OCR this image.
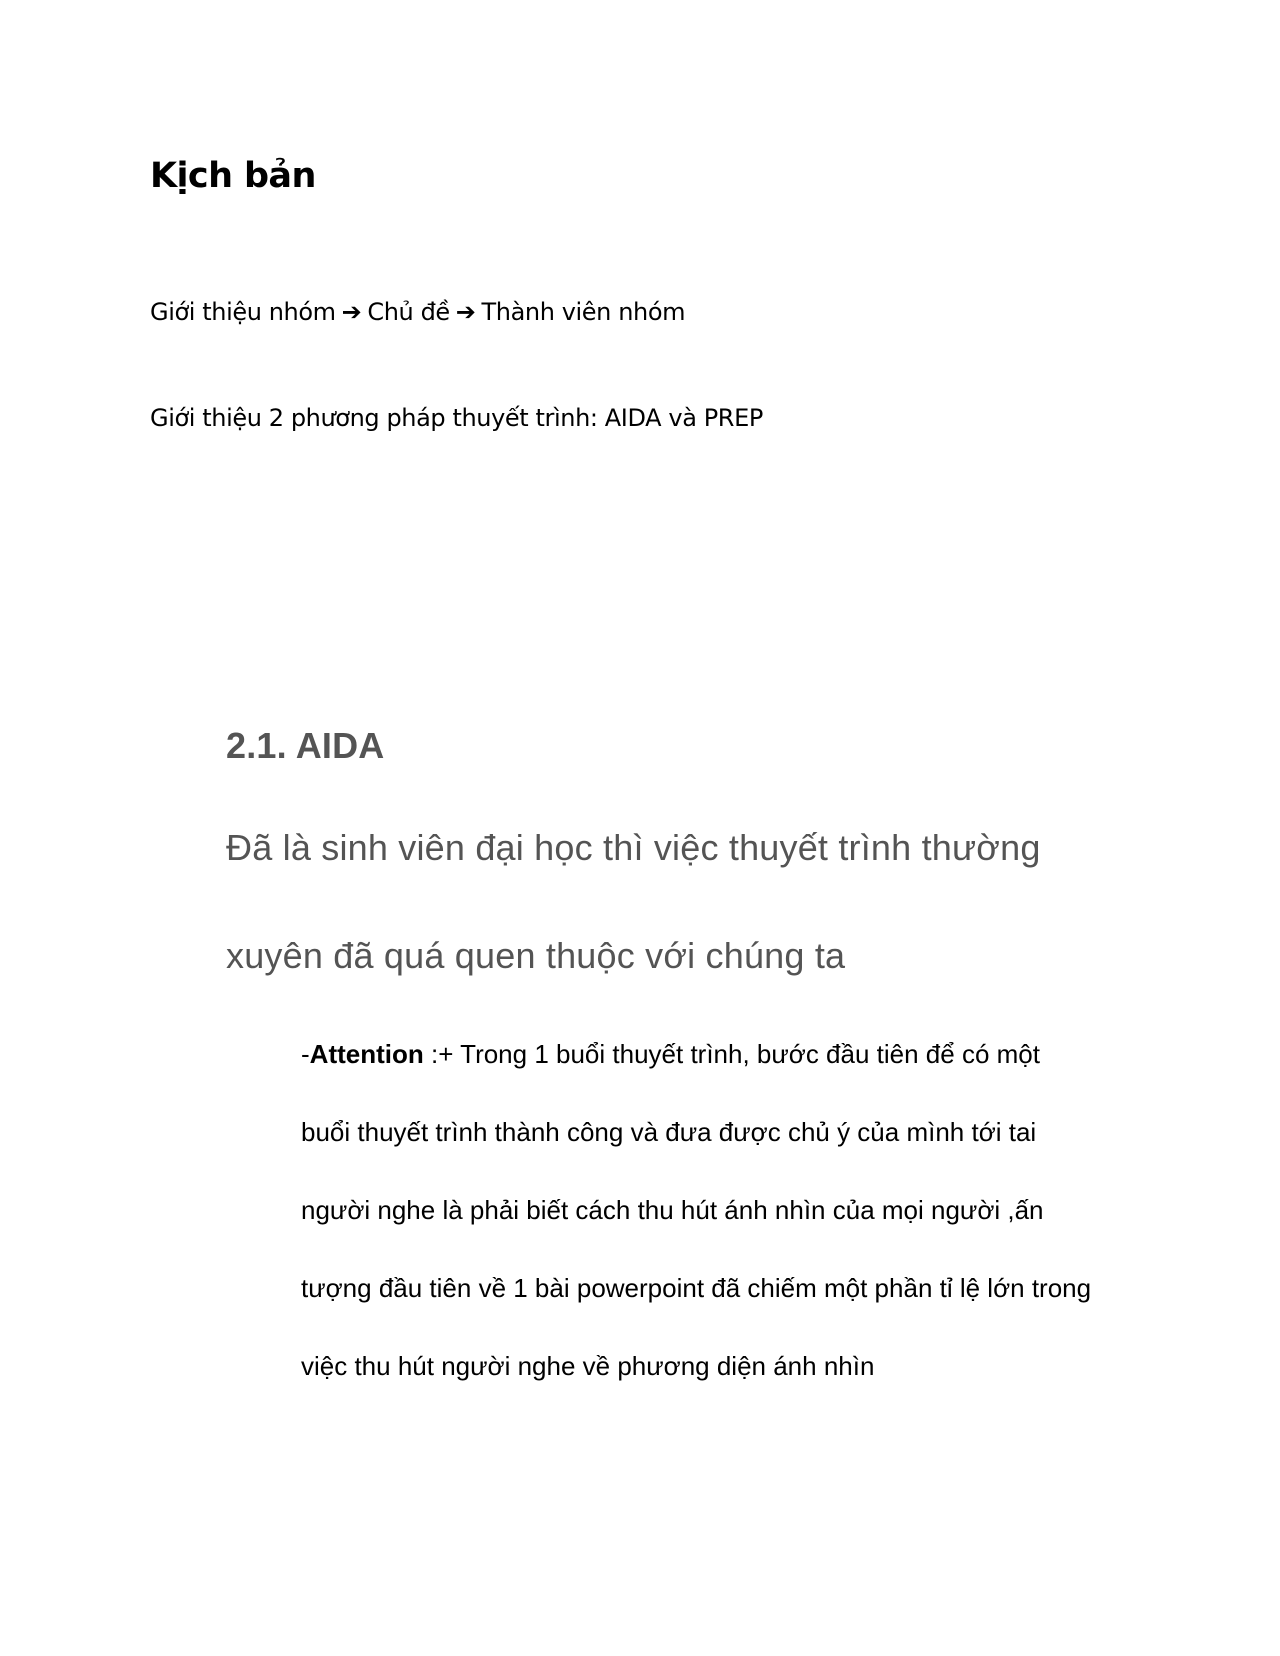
Kịch bản

Giới thiệu nhóm ➔ Chủ đề ➔ Thành viên nhóm

Giới thiệu 2 phương pháp thuyết trình: AIDA và PREP

2.1. AIDA

Đã là sinh viên đại học thì việc thuyết trình thường
xuyên đã quá quen thuộc với chúng ta

-Attention :+ Trong 1 buổi thuyết trình, bước đầu tiên để có một
buổi thuyết trình thành công và đưa được chủ ý của mình tới tai
người nghe là phải biết cách thu hút ánh nhìn của mọi người ,ấn
tượng đầu tiên về 1 bài powerpoint đã chiếm một phần tỉ lệ lớn trong
việc thu hút người nghe về phương diện ánh nhìn
